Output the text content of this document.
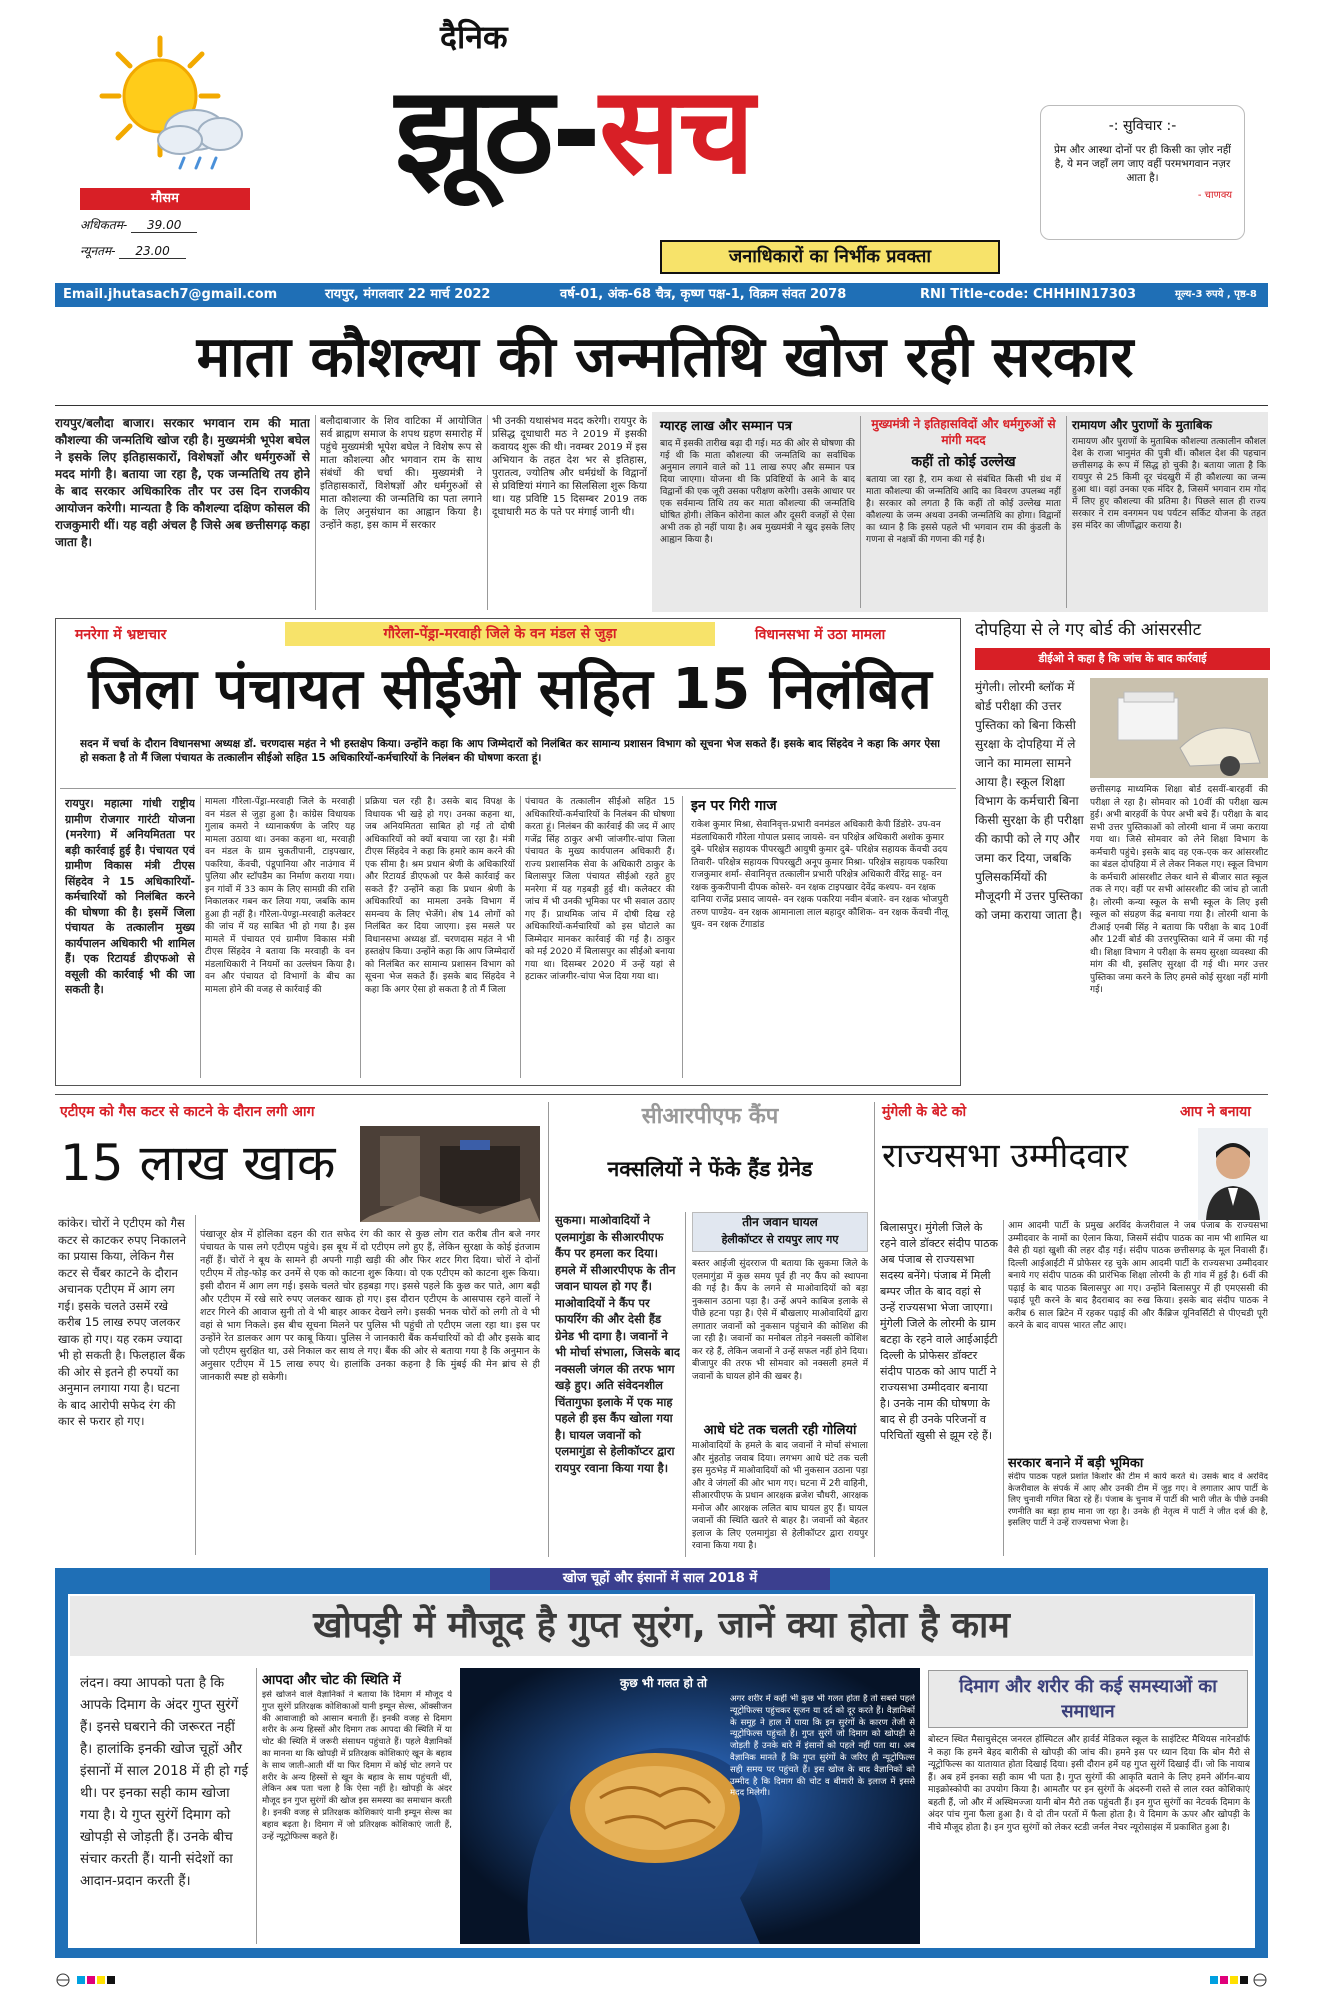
मौसम
अधिकतम- 39.00
न्यूनतम- 23.00
दैनिक
झूठ-सच
जनाधिकारों का निर्भीक प्रवक्ता
-: सुविचार :-
प्रेम और आस्था दोनों पर ही किसी का ज़ोर नहीं है, ये मन जहाँ लग जाए वहीं परमभगवान नज़र आता है।
- चाणक्य
Email.jhutasach7@gmail.com	रायपुर, मंगलवार 22 मार्च 2022	वर्ष-01, अंक-68 चैत्र, कृष्ण पक्ष-1, विक्रम संवत 2078	RNI Title-code: CHHHIN17303	मूल्य-3 रुपये , पृष्ठ-8
माता कौशल्या की जन्मतिथि खोज रही सरकार
रायपुर/बलौदा बाजार। सरकार भगवान राम की माता कौशल्या की जन्मतिथि खोज रही है। मुख्यमंत्री भूपेश बघेल ने इसके लिए इतिहासकारों, विशेषज्ञों और धर्मगुरुओं से मदद मांगी है। बताया जा रहा है, एक जन्मतिथि तय होने के बाद सरकार अधिकारिक तौर पर उस दिन राजकीय आयोजन करेगी। मान्यता है कि कौशल्या दक्षिण कोसल की राजकुमारी थीं। यह वही अंचल है जिसे अब छत्तीसगढ़ कहा जाता है।
बलौदाबाजार के शिव वाटिका में आयोजित सर्व ब्राह्मण समाज के शपथ ग्रहण समारोह में पहुंचे मुख्यमंत्री भूपेश बघेल ने विशेष रूप से माता कौशल्या और भगवान राम के साथ संबंधों की चर्चा की। मुख्यमंत्री ने इतिहासकारों, विशेषज्ञों और धर्मगुरुओं से माता कौशल्या की जन्मतिथि का पता लगाने के लिए अनुसंधान का आह्वान किया है। उन्होंने कहा, इस काम में सरकार
भी उनकी यथासंभव मदद करेगी। रायपुर के प्रसिद्ध दूधाधारी मठ ने 2019 में इसकी कवायद शुरू की थी। नवम्बर 2019 में इस अभियान के तहत देश भर से इतिहास, पुरातत्व, ज्योतिष और धर्मग्रंथों के विद्वानों से प्रविष्टियां मंगाने का सिलसिला शुरू किया था। यह प्रविष्टि 15 दिसम्बर 2019 तक दूधाधारी मठ के पते पर मंगाई जानी थी।
ग्यारह लाख और सम्मान पत्र
बाद में इसकी तारीख बढ़ा दी गई। मठ की ओर से घोषणा की गई थी कि माता कौशल्या की जन्मतिथि का सर्वाधिक अनुमान लगाने वाले को 11 लाख रुपए और सम्मान पत्र दिया जाएगा। योजना थी कि प्रविष्टियों के आने के बाद विद्वानों की एक जूरी उसका परीक्षण करेगी। उसके आधार पर एक सर्वमान्य तिथि तय कर माता कौशल्या की जन्मतिथि घोषित होगी। लेकिन कोरोना काल और दूसरी वजहों से ऐसा अभी तक हो नहीं पाया है। अब मुख्यमंत्री ने खुद इसके लिए आह्वान किया है।
मुख्यमंत्री ने इतिहासविदों और धर्मगुरुओं से मांगी मदद
कहीं तो कोई उल्लेख
बताया जा रहा है, राम कथा से संबंधित किसी भी ग्रंथ में माता कौशल्या की जन्मतिथि आदि का विवरण उपलब्ध नहीं है। सरकार को लगता है कि कहीं तो कोई उल्लेख माता कौशल्या के जन्म अथवा उनकी जन्मतिथि का होगा। विद्वानों का ध्यान है कि इससे पहले भी भगवान राम की कुंडली के गणना से नक्षत्रों की गणना की गई है।
रामायण और पुराणों के मुताबिक
रामायण और पुराणों के मुताबिक कौशल्या तत्कालीन कौशल देश के राजा भानुमंत की पुत्री थीं। कौशल देश की पहचान छत्तीसगढ़ के रूप में सिद्ध हो चुकी है। बताया जाता है कि रायपुर से 25 किमी दूर चंदखुरी में ही कौशल्या का जन्म हुआ था। वहां उनका एक मंदिर है, जिसमें भगवान राम गोद में लिए हुए कौशल्या की प्रतिमा है। पिछले साल ही राज्य सरकार ने राम वनगमन पथ पर्यटन सर्किट योजना के तहत इस मंदिर का जीर्णोद्धार कराया है।
मनरेगा में भ्रष्टाचार	गौरेला-पेंड्रा-मरवाही जिले के वन मंडल से जुड़ा	विधानसभा में उठा मामला
जिला पंचायत सीईओ सहित 15 निलंबित
सदन में चर्चा के दौरान विधानसभा अध्यक्ष डॉ. चरणदास महंत ने भी हस्तक्षेप किया। उन्होंने कहा कि आप जिम्मेदारों को निलंबित कर सामान्य प्रशासन विभाग को सूचना भेज सकते हैं। इसके बाद सिंहदेव ने कहा कि अगर ऐसा हो सकता है तो मैं जिला पंचायत के तत्कालीन सीईओ सहित 15 अधिकारियों-कर्मचारियों के निलंबन की घोषणा करता हूं।
रायपुर। महात्मा गांधी राष्ट्रीय ग्रामीण रोजगार गारंटी योजना (मनरेगा) में अनियमितता पर बड़ी कार्रवाई हुई है। पंचायत एवं ग्रामीण विकास मंत्री टीएस सिंहदेव ने 15 अधिकारियों-कर्मचारियों को निलंबित करने की घोषणा की है। इसमें जिला पंचायत के तत्कालीन मुख्य कार्यपालन अधिकारी भी शामिल हैं। एक रिटायर्ड डीएफओ से वसूली की कार्रवाई भी की जा सकती है।
मामला गौरेला-पेंड्रा-मरवाही जिले के मरवाही वन मंडल से जुड़ा हुआ है। कांग्रेस विधायक गुलाब कमरो ने ध्यानाकर्षण के जरिए यह मामला उठाया था। उनका कहना था, मरवाही वन मंडल के ग्राम चुकतीपानी, टाइपखार, पकरिया, केंवची, पंडूपानिया और नाउंगाव में पुलिया और स्टॉपडैम का निर्माण कराया गया। इन गांवों में 33 काम के लिए सामग्री की राशि निकालकर गबन कर लिया गया, जबकि काम हुआ ही नहीं है। गौरेला-पेण्ड्रा-मरवाही कलेक्टर की जांच में यह साबित भी हो गया है। इस मामले में पंचायत एवं ग्रामीण विकास मंत्री टीएस सिंहदेव ने बताया कि मरवाही के वन मंडलाधिकारी ने नियमों का उल्लंघन किया है। वन और पंचायत दो विभागों के बीच का मामला होने की वजह से कार्रवाई की
प्रक्रिया चल रही है। उसके बाद विपक्ष के विधायक भी खड़े हो गए। उनका कहना था, जब अनियमितता साबित हो गई तो दोषी अधिकारियों को क्यों बचाया जा रहा है। मंत्री टीएस सिंहदेव ने कहा कि हमारे काम करने की एक सीमा है। श्रम प्रधान श्रेणी के अधिकारियों और रिटायर्ड डीएफओ पर कैसे कार्रवाई कर सकते हैं? उन्होंने कहा कि प्रधान श्रेणी के अधिकारियों का मामला उनके विभाग में समन्वय के लिए भेजेंगे। शेष 14 लोगों को निलंबित कर दिया जाएगा। इस मसले पर विधानसभा अध्यक्ष डॉ. चरणदास महंत ने भी हस्तक्षेप किया। उन्होंने कहा कि आप जिम्मेदारों को निलंबित कर सामान्य प्रशासन विभाग को सूचना भेज सकते हैं। इसके बाद सिंहदेव ने कहा कि अगर ऐसा हो सकता है तो मैं जिला
पंचायत के तत्कालीन सीईओ सहित 15 अधिकारियों-कर्मचारियों के निलंबन की घोषणा करता हूं। निलंबन की कार्रवाई की जद में आए गजेंद्र सिंह ठाकुर अभी जांजगीर-चांपा जिला पंचायत के मुख्य कार्यपालन अधिकारी हैं। राज्य प्रशासनिक सेवा के अधिकारी ठाकुर के बिलासपुर जिला पंचायत सीईओ रहते हुए मनरेगा में यह गड़बड़ी हुई थी। कलेक्टर की जांच में भी उनकी भूमिका पर भी सवाल उठाए गए हैं। प्राथमिक जांच में दोषी दिख रहे अधिकारियों-कर्मचारियों को इस घोटाले का जिम्मेदार मानकर कार्रवाई की गई है। ठाकुर को मई 2020 में बिलासपुर का सीईओ बनाया गया था। दिसम्बर 2020 में उन्हें यहां से हटाकर जांजगीर-चांपा भेज दिया गया था।
इन पर गिरी गाज
राकेश कुमार मिश्रा, सेवानिवृत्त-प्रभारी वनमंडल अधिकारी केपी डिंडोरे- उप-वन मंडलाधिकारी गौरेला गोपाल प्रसाद जायसे- वन परिक्षेत्र अधिकारी अशोक कुमार दुबे- परिक्षेत्र सहायक पीपरखुटी आयुषी कुमार दुबे- परिक्षेत्र सहायक केंवची उदय तिवारी- परिक्षेत्र सहायक पिपरखुटी अनूप कुमार मिश्रा- परिक्षेत्र सहायक पकरिया राजकुमार शर्मा- सेवानिवृत्त तत्कालीन प्रभारी परिक्षेत्र अधिकारी वीरेंद्र साहू- वन रक्षक कुकरीपानी दीपक कोसरे- वन रक्षक टाइपखार देवेंद्र कश्यप- वन रक्षक दानिया राजेंद्र प्रसाद जायसे- वन रक्षक पकरिया नवीन बंजारे- वन रक्षक भोजपुरी तरुण पाण्डेय- वन रक्षक आमानाला लाल बहादुर कौशिक- वन रक्षक केंवची नीलू धुव- वन रक्षक टेंगाडांड
दोपहिया से ले गए बोर्ड की आंसरसीट
डीईओ ने कहा है कि जांच के बाद कार्रवाई
मुंगेली। लोरमी ब्लॉक में बोर्ड परीक्षा की उत्तर पुस्तिका को बिना किसी सुरक्षा के दोपहिया में ले जाने का मामला सामने आया है। स्कूल शिक्षा विभाग के कर्मचारी बिना किसी सुरक्षा के ही परीक्षा की कापी को ले गए और जमा कर दिया, जबकि पुलिसकर्मियों की मौजूदगी में उत्तर पुस्तिका को जमा कराया जाता है।
छत्तीसगढ़ माध्यमिक शिक्षा बोर्ड दसवीं-बारहवीं की परीक्षा ले रहा है। सोमवार को 10वीं की परीक्षा खत्म हुई। अभी बारहवीं के पेपर अभी बचे हैं। परीक्षा के बाद सभी उत्तर पुस्तिकाओं को लोरमी थाना में जमा कराया गया था। जिसे सोमवार को लेने शिक्षा विभाग के कर्मचारी पहुंचे। इसके बाद वह एक-एक कर आंसरशीट का बंडल दोपहिया में ले लेकर निकल गए। स्कूल विभाग के कर्मचारी आंसरशीट लेकर थाने से बीजार सात स्कूल तक ले गए। वहीं पर सभी आंसरशीट की जांच हो जाती है। लोरमी कन्या स्कूल के सभी स्कूल के लिए इसी स्कूल को संग्रहण केंद्र बनाया गया है। लोरमी थाना के टीआई एनबी सिंह ने बताया कि परीक्षा के बाद 10वीं और 12वीं बोर्ड की उत्तरपुस्तिका थाने में जमा की गई थी। शिक्षा विभाग ने परीक्षा के समय सुरक्षा व्यवस्था की मांग की थी, इसलिए सुरक्षा दी गई थी। मगर उत्तर पुस्तिका जमा करने के लिए हमसे कोई सुरक्षा नहीं मांगी गई।
एटीएम को गैस कटर से काटने के दौरान लगी आग
15 लाख खाक
कांकेर। चोरों ने एटीएम को गैस कटर से काटकर रुपए निकालने का प्रयास किया, लेकिन गैस कटर से चैंबर काटने के दौरान अचानक एटीएम में आग लग गई। इसके चलते उसमें रखे करीब 15 लाख रुपए जलकर खाक हो गए। यह रकम ज्यादा भी हो सकती है। फिलहाल बैंक की ओर से इतने ही रुपयों का अनुमान लगाया गया है। घटना के बाद आरोपी सफेद रंग की कार से फरार हो गए।
पंखाजूर क्षेत्र में होलिका दहन की रात सफेद रंग की कार से कुछ लोग रात करीब तीन बजे नगर पंचायत के पास लगे एटीएम पहुंचे। इस बूथ में दो एटीएम लगे हुए हैं, लेकिन सुरक्षा के कोई इंतजाम नहीं हैं। चोरों ने बूथ के सामने ही अपनी गाड़ी खड़ी की और फिर शटर गिरा दिया। चोरों ने दोनों एटीएम में तोड़-फोड़ कर उनमें से एक को काटना शुरू किया। वो एक एटीएम को काटना शुरू किया। इसी दौरान में आग लग गई। इसके चलते चोर हड़बड़ा गए। इससे पहले कि कुछ कर पाते, आग बढ़ी और एटीएम में रखे सारे रुपए जलकर खाक हो गए। इस दौरान एटीएम के आसपास रहने वालों ने शटर गिरने की आवाज सुनी तो वे भी बाहर आकर देखने लगे। इसकी भनक चोरों को लगी तो वे भी वहां से भाग निकले। इस बीच सूचना मिलने पर पुलिस भी पहुंची तो एटीएम जला रहा था। इस पर उन्होंने रेत डालकर आग पर काबू किया। पुलिस ने जानकारी बैंक कर्मचारियों को दी और इसके बाद जो एटीएम सुरक्षित था, उसे निकाल कर साथ ले गए। बैंक की ओर से बताया गया है कि अनुमान के अनुसार एटीएम में 15 लाख रुपए थे। हालांकि उनका कहना है कि मुंबई की मेन ब्रांच से ही जानकारी स्पष्ट हो सकेगी।
सीआरपीएफ कैंप
नक्सलियों ने फेंके हैंड ग्रेनेड
सुकमा। माओवादियों ने एलमागुंडा के सीआरपीएफ कैंप पर हमला कर दिया। हमले में सीआरपीएफ के तीन जवान घायल हो गए हैं। माओवादियों ने कैंप पर फायरिंग की और देसी हैंड ग्रेनेड भी दागा है। जवानों ने भी मोर्चा संभाला, जिसके बाद नक्सली जंगल की तरफ भाग खड़े हुए। अति संवेदनशील चिंतागुफा इलाके में एक माह पहले ही इस कैंप खोला गया है। घायल जवानों को एलमागुंडा से हेलीकॉप्टर द्वारा रायपुर रवाना किया गया है।
तीन जवान घायल
हेलीकॉप्टर से रायपुर लाए गए
बस्तर आईजी सुंदरराज पी बताया कि सुकमा जिले के एलमागुंडा में कुछ समय पूर्व ही नए कैंप को स्थापना की गई है। कैंप के लगने से माओवादियों को बड़ा नुकसान उठाना पड़ा है। उन्हें अपने काबिज इलाके से पीछे हटना पड़ा है। ऐसे में बौखलाए माओवादियों द्वारा लगातार जवानों को नुकसान पहुंचाने की कोशिश की जा रही है। जवानों का मनोबल तोड़ने नक्सली कोशिश कर रहे हैं, लेकिन जवानों ने उन्हें सफल नहीं होने दिया। बीजापुर की तरफ भी सोमवार को नक्सली हमले में जवानों के घायल होने की खबर है।
आधे घंटे तक चलती रही गोलियां
माओवादियों के हमले के बाद जवानों ने मोर्चा संभाला और मुंहतोड़ जवाब दिया। लगभग आधे घंटे तक चली इस मुठभेड़ में माओवादियों को भी नुकसान उठाना पड़ा और वे जंगलों की ओर भाग गए। घटना में 2री वाहिनी, सीआरपीएफ के प्रधान आरक्षक ब्रजेश चौधरी, आरक्षक मनोज और आरक्षक ललित बाघ घायल हुए हैं। घायल जवानों की स्थिति खतरे से बाहर है। जवानों को बेहतर इलाज के लिए एलमागुंडा से हेलीकॉप्टर द्वारा रायपुर रवाना किया गया है।
मुंगेली के बेटे को	आप ने बनाया
राज्यसभा उम्मीदवार
बिलासपुर। मुंगेली जिले के रहने वाले डॉक्टर संदीप पाठक अब पंजाब से राज्यसभा सदस्य बनेंगे। पंजाब में मिली बम्पर जीत के बाद वहां से उन्हें राज्यसभा भेजा जाएगा। मुंगेली जिले के लोरमी के ग्राम बटहा के रहने वाले आईआईटी दिल्ली के प्रोफेसर डॉक्टर संदीप पाठक को आप पार्टी ने राज्यसभा उम्मीदवार बनाया है। उनके नाम की घोषणा के बाद से ही उनके परिजनों व परिचितों खुसी से झूम रहे हैं।
आम आदमी पार्टी के प्रमुख अरविंद केजरीवाल ने जब पंजाब के राज्यसभा उम्मीदवार के नामों का ऐलान किया, जिसमें संदीप पाठक का नाम भी शामिल था वैसे ही यहां खुशी की लहर दौड़ गई। संदीप पाठक छत्तीसगढ़ के मूल निवासी हैं। दिल्ली आईआईटी में प्रोफेसर रह चुके आम आदमी पार्टी के राज्यसभा उम्मीदवार बनाये गए संदीप पाठक की प्रारंभिक शिक्षा लोरमी के ही गांव में हुई है। 6वीं की पढ़ाई के बाद पाठक बिलासपुर आ गए। उन्होंने बिलासपुर में ही एमएससी की पढ़ाई पूरी करने के बाद हैदराबाद का रुख किया। इसके बाद संदीप पाठक ने करीब 6 साल ब्रिटेन में रहकर पढ़ाई की और कैंब्रिज यूनिवर्सिटी से पीएचडी पूरी करने के बाद वापस भारत लौट आए।
सरकार बनाने में बड़ी भूमिका
संदीप पाठक पहले प्रशांत किशोर की टीम में कार्य करते थे। उसके बाद वे अरविंद केजरीवाल के संपर्क में आए और उनकी टीम में जुड़ गए। वे लगातार आप पार्टी के लिए चुनावी गणित बिठा रहे हैं। पंजाब के चुनाव में पार्टी की भारी जीत के पीछे उनकी रणनीति का बड़ा हाथ माना जा रहा है। उनके ही नेतृत्व में पार्टी ने जीत दर्ज की है, इसलिए पार्टी ने उन्हें राज्यसभा भेजा है।
खोज चूहों और इंसानों में साल 2018 में
खोपड़ी में मौजूद है गुप्त सुरंग, जानें क्या होता है काम
लंदन। क्या आपको पता है कि आपके दिमाग के अंदर गुप्त सुरंगें हैं। इनसे घबराने की जरूरत नहीं है। हालांकि इनकी खोज चूहों और इंसानों में साल 2018 में ही हो गई थी। पर इनका सही काम खोजा गया है। ये गुप्त सुरंगें दिमाग को खोपड़ी से जोड़ती हैं। उनके बीच संचार करती हैं। यानी संदेशों का आदान-प्रदान करती हैं।
आपदा और चोट की स्थिति में
इसे खोजने वाले वैज्ञानिकों ने बताया कि दिमाग में मौजूद ये गुप्त सुरंगें प्रतिरक्षक कोशिकाओं यानी इम्यून सेल्स, ऑक्सीजन की आवाजाही को आसान बनाती हैं। इनकी वजह से दिमाग शरीर के अन्य हिस्सों और दिमाग तक आपदा की स्थिति में या चोट की स्थिति में जरूरी संसाधन पहुंचाते हैं। पहले वैज्ञानिकों का मानना था कि खोपड़ी में प्रतिरक्षक कोशिकाएं खून के बहाव के साथ जाती-आती थीं या फिर दिमाग में कोई चोट लगने पर शरीर के अन्य हिस्सों से खून के बहाव के साथ पहुंचती थीं, लेकिन अब पता चला है कि ऐसा नहीं है। खोपड़ी के अंदर मौजूद इन गुप्त सुरंगों की खोज इस समस्या का समाधान करती है। इनकी वजह से प्रतिरक्षक कोशिकाएं यानी इम्यून सेल्स का बहाव बढ़ता है। दिमाग में जो प्रतिरक्षक कोशिकाएं जाती हैं, उन्हें न्यूट्रोफिल्स कहते हैं।
कुछ भी गलत हो तो
अगर शरीर में कहीं भी कुछ भी गलत होता है तो सबसे पहले न्यूट्रोफिल्स पहुंचकर सूजन या दर्द को दूर करते हैं। वैज्ञानिकों के समूह ने हाल में पाया कि इन सुरंगों के कारण तेजी से न्यूट्रोफिल्स पहुंचते हैं। गुप्त सुरंगें जो दिमाग को खोपड़ी से जोड़ती हैं उनके बारे में इंसानों को पहले नहीं पता था। अब वैज्ञानिक मानते हैं कि गुप्त सुरंगों के जरिए ही न्यूट्रोफिल्स सही समय पर पहुंचते हैं। इस खोज के बाद वैज्ञानिकों को उम्मीद है कि दिमाग की चोट व बीमारी के इलाज में इससे मदद मिलेगी।
दिमाग और शरीर की कई समस्याओं का समाधान
बोस्टन स्थित मैसाचुसेट्स जनरल हॉस्पिटल और हार्वर्ड मेडिकल स्कूल के साइंटिस्ट मैथियस नारेनडॉर्फ ने कहा कि हमने बेहद बारीकी से खोपड़ी की जांच की। हमने इस पर ध्यान दिया कि बोन मैरो से न्यूट्रोफिल्स का यातायात होता दिखाई दिया। इसी दौरान हमें यह गुप्त सुरंगें दिखाई दीं। जो कि नायाब हैं। अब हमें इनका सही काम भी पता है। गुप्त सुरंगों की आकृति बताने के लिए हमने ऑर्गन-बाय माइक्रोस्कोपी का उपयोग किया है। आमतौर पर इन सुरंगों के अंदरुनी रास्ते से लाल रक्त कोशिकाएं बहती हैं, जो और में अस्थिमज्जा यानी बोन मैरो तक पहुंचती हैं। इन गुप्त सुरंगों का नेटवर्क दिमाग के अंदर पांच गुना फैला हुआ है। ये दो तीन परतों में फैला होता है। ये दिमाग के ऊपर और खोपड़ी के नीचे मौजूद होता है। इन गुप्त सुरंगों को लेकर स्टडी जर्नल नेचर न्यूरोसाइंस में प्रकाशित हुआ है।
